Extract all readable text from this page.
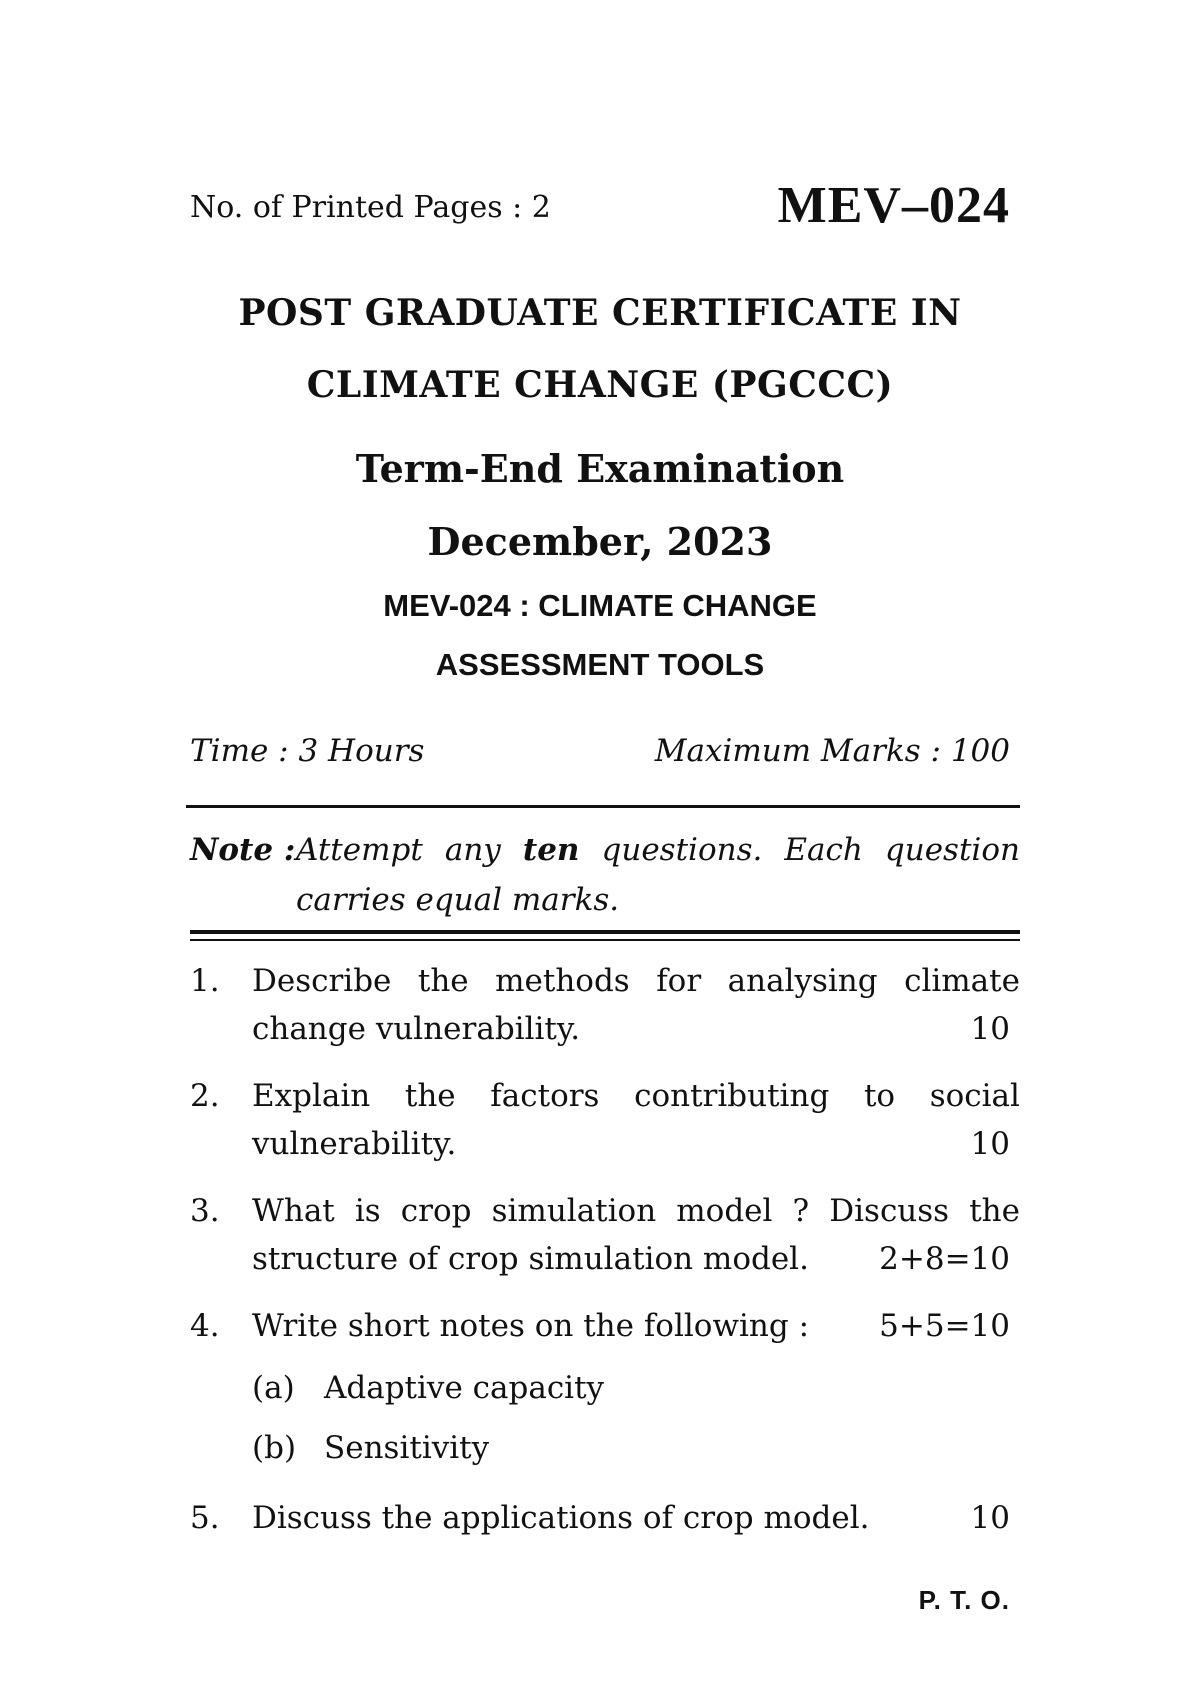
No. of Printed Pages : 2	MEV–024
POST GRADUATE CERTIFICATE IN
CLIMATE CHANGE (PGCCC)
Term-End Examination
December, 2023
MEV-024 : CLIMATE CHANGE
ASSESSMENT TOOLS
Time : 3 Hours	Maximum Marks : 100
Note : Attempt any ten questions. Each question
carries equal marks.
1. Describe the methods for analysing climate
change vulnerability.	10
2. Explain the factors contributing to social
vulnerability.	10
3. What is crop simulation model ? Discuss the
structure of crop simulation model.	2+8=10
4. Write short notes on the following :	5+5=10
(a) Adaptive capacity
(b) Sensitivity
5. Discuss the applications of crop model.	10
P. T. O.
